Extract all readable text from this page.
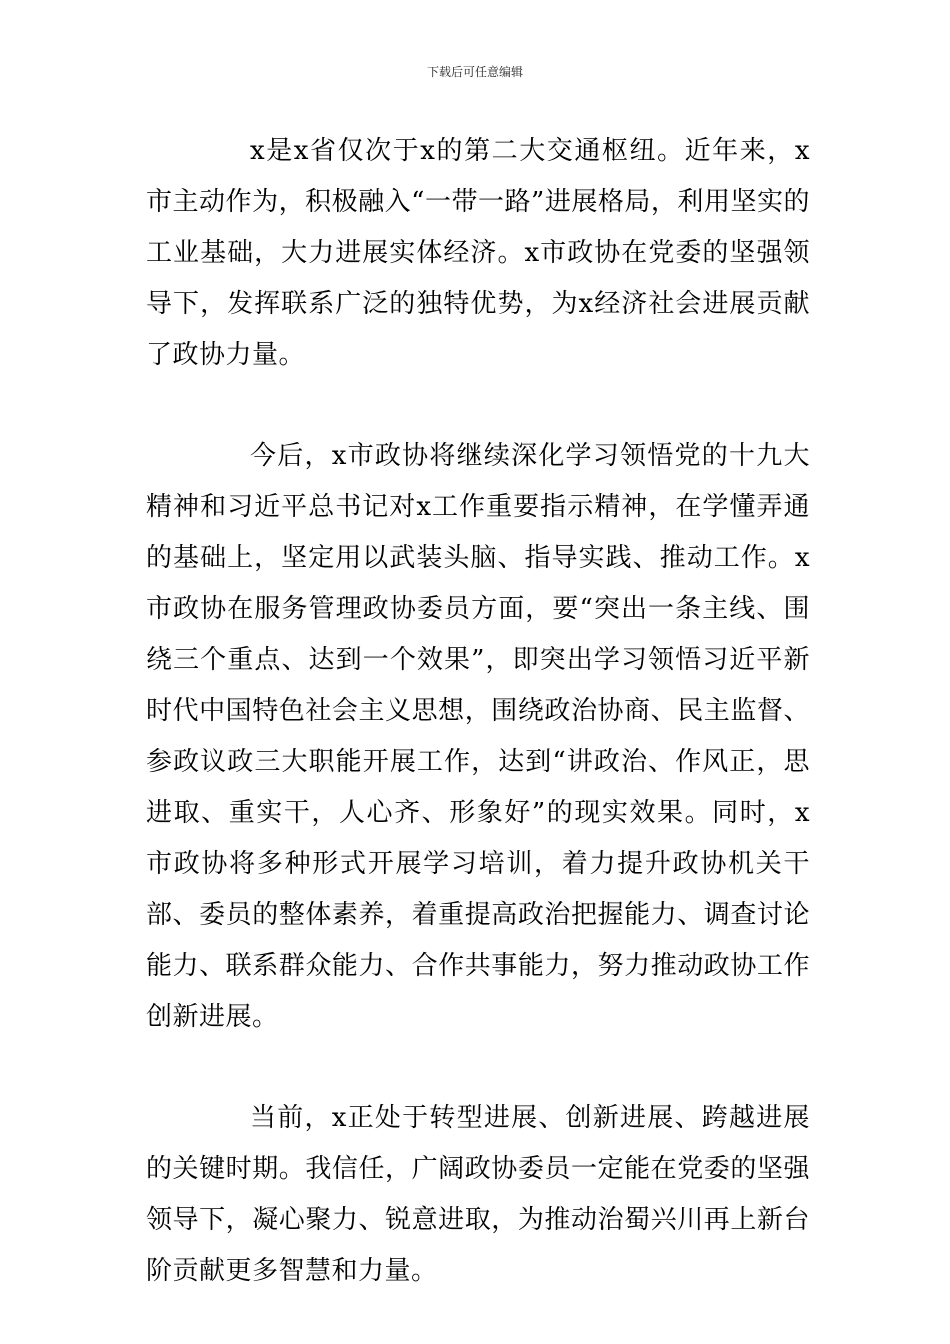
下载后可任意编辑

x是x省仅次于x的第二大交通枢纽。近年来，x市主动作为，积极融入“一带一路”进展格局，利用坚实的工业基础，大力进展实体经济。x市政协在党委的坚强领导下，发挥联系广泛的独特优势，为x经济社会进展贡献了政协力量。

今后，x市政协将继续深化学习领悟党的十九大精神和习近平总书记对x工作重要指示精神，在学懂弄通的基础上，坚定用以武装头脑、指导实践、推动工作。x市政协在服务管理政协委员方面，要“突出一条主线、围绕三个重点、达到一个效果”，即突出学习领悟习近平新时代中国特色社会主义思想，围绕政治协商、民主监督、参政议政三大职能开展工作，达到“讲政治、作风正，思进取、重实干，人心齐、形象好”的现实效果。同时，x市政协将多种形式开展学习培训，着力提升政协机关干部、委员的整体素养，着重提高政治把握能力、调查讨论能力、联系群众能力、合作共事能力，努力推动政协工作创新进展。

当前，x正处于转型进展、创新进展、跨越进展的关键时期。我信任，广阔政协委员一定能在党委的坚强领导下，凝心聚力、锐意进取，为推动治蜀兴川再上新台阶贡献更多智慧和力量。
